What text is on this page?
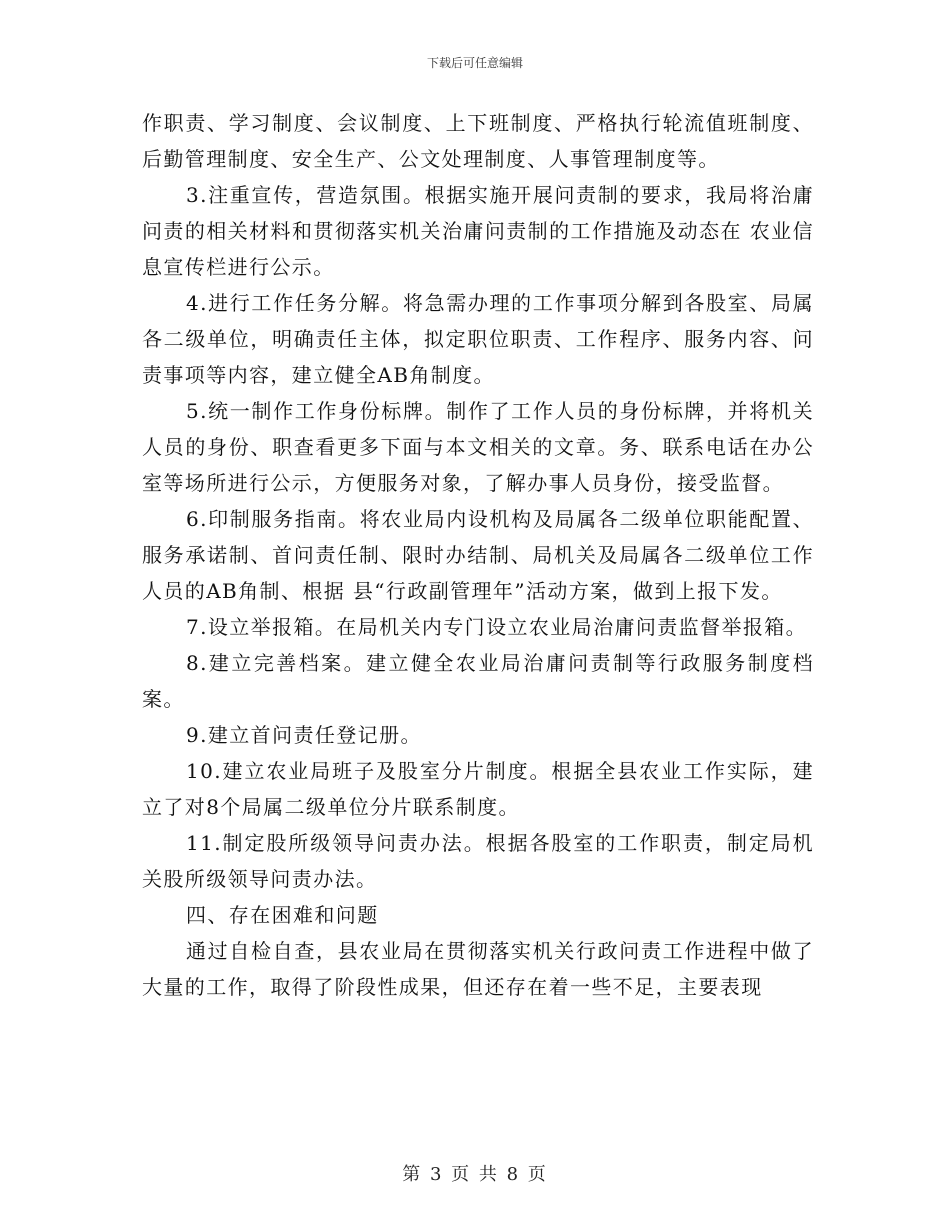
下载后可任意编辑

作职责、学习制度、会议制度、上下班制度、严格执行轮流值班制度、后勤管理制度、安全生产、公文处理制度、人事管理制度等。

3.注重宣传，营造氛围。根据实施开展问责制的要求，我局将治庸问责的相关材料和贯彻落实机关治庸问责制的工作措施及动态在 农业信息宣传栏进行公示。

4.进行工作任务分解。将急需办理的工作事项分解到各股室、局属各二级单位，明确责任主体，拟定职位职责、工作程序、服务内容、问责事项等内容，建立健全AB角制度。

5.统一制作工作身份标牌。制作了工作人员的身份标牌，并将机关人员的身份、职查看更多下面与本文相关的文章。务、联系电话在办公室等场所进行公示，方便服务对象，了解办事人员身份，接受监督。

6.印制服务指南。将农业局内设机构及局属各二级单位职能配置、服务承诺制、首问责任制、限时办结制、局机关及局属各二级单位工作人员的AB角制、根据 县“行政副管理年”活动方案，做到上报下发。

7.设立举报箱。在局机关内专门设立农业局治庸问责监督举报箱。

8.建立完善档案。建立健全农业局治庸问责制等行政服务制度档案。

9.建立首问责任登记册。

10.建立农业局班子及股室分片制度。根据全县农业工作实际，建立了对8个局属二级单位分片联系制度。

11.制定股所级领导问责办法。根据各股室的工作职责，制定局机关股所级领导问责办法。

四、存在困难和问题

通过自检自查，县农业局在贯彻落实机关行政问责工作进程中做了大量的工作，取得了阶段性成果，但还存在着一些不足，主要表现

第 3 页 共 8 页
